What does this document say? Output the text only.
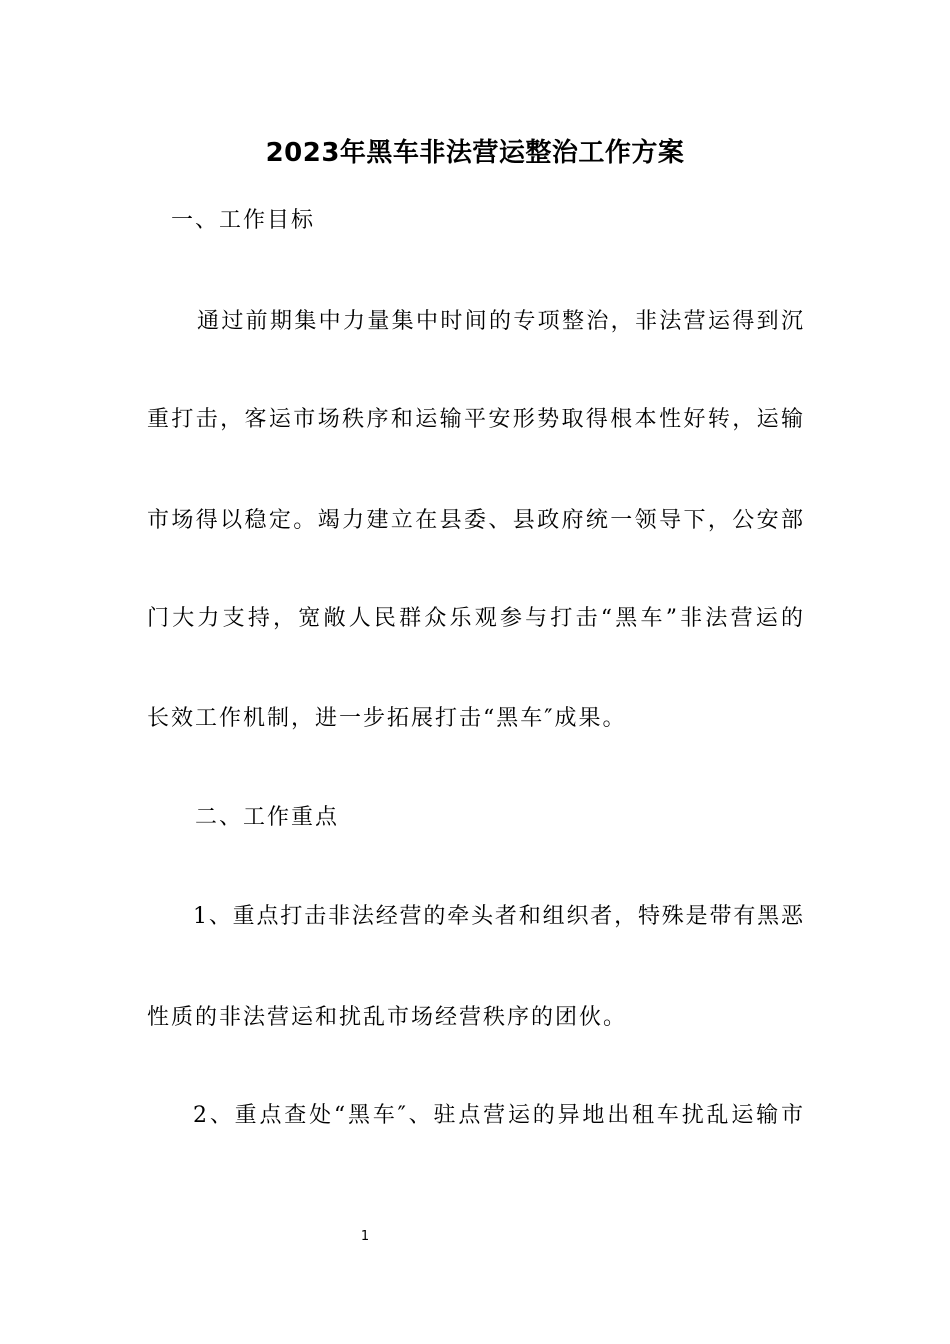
2023年黑车非法营运整治工作方案
一、工作目标
通过前期集中力量集中时间的专项整治，非法营运得到沉
重打击，客运市场秩序和运输平安形势取得根本性好转，运输
市场得以稳定。竭力建立在县委、县政府统一领导下，公安部
门大力支持，宽敞人民群众乐观参与打击“黑车”非法营运的
长效工作机制，进一步拓展打击“黑车″成果。
二、工作重点
1、重点打击非法经营的牵头者和组织者，特殊是带有黑恶
性质的非法营运和扰乱市场经营秩序的团伙。
2、重点查处“黑车″、驻点营运的异地出租车扰乱运输市
1
